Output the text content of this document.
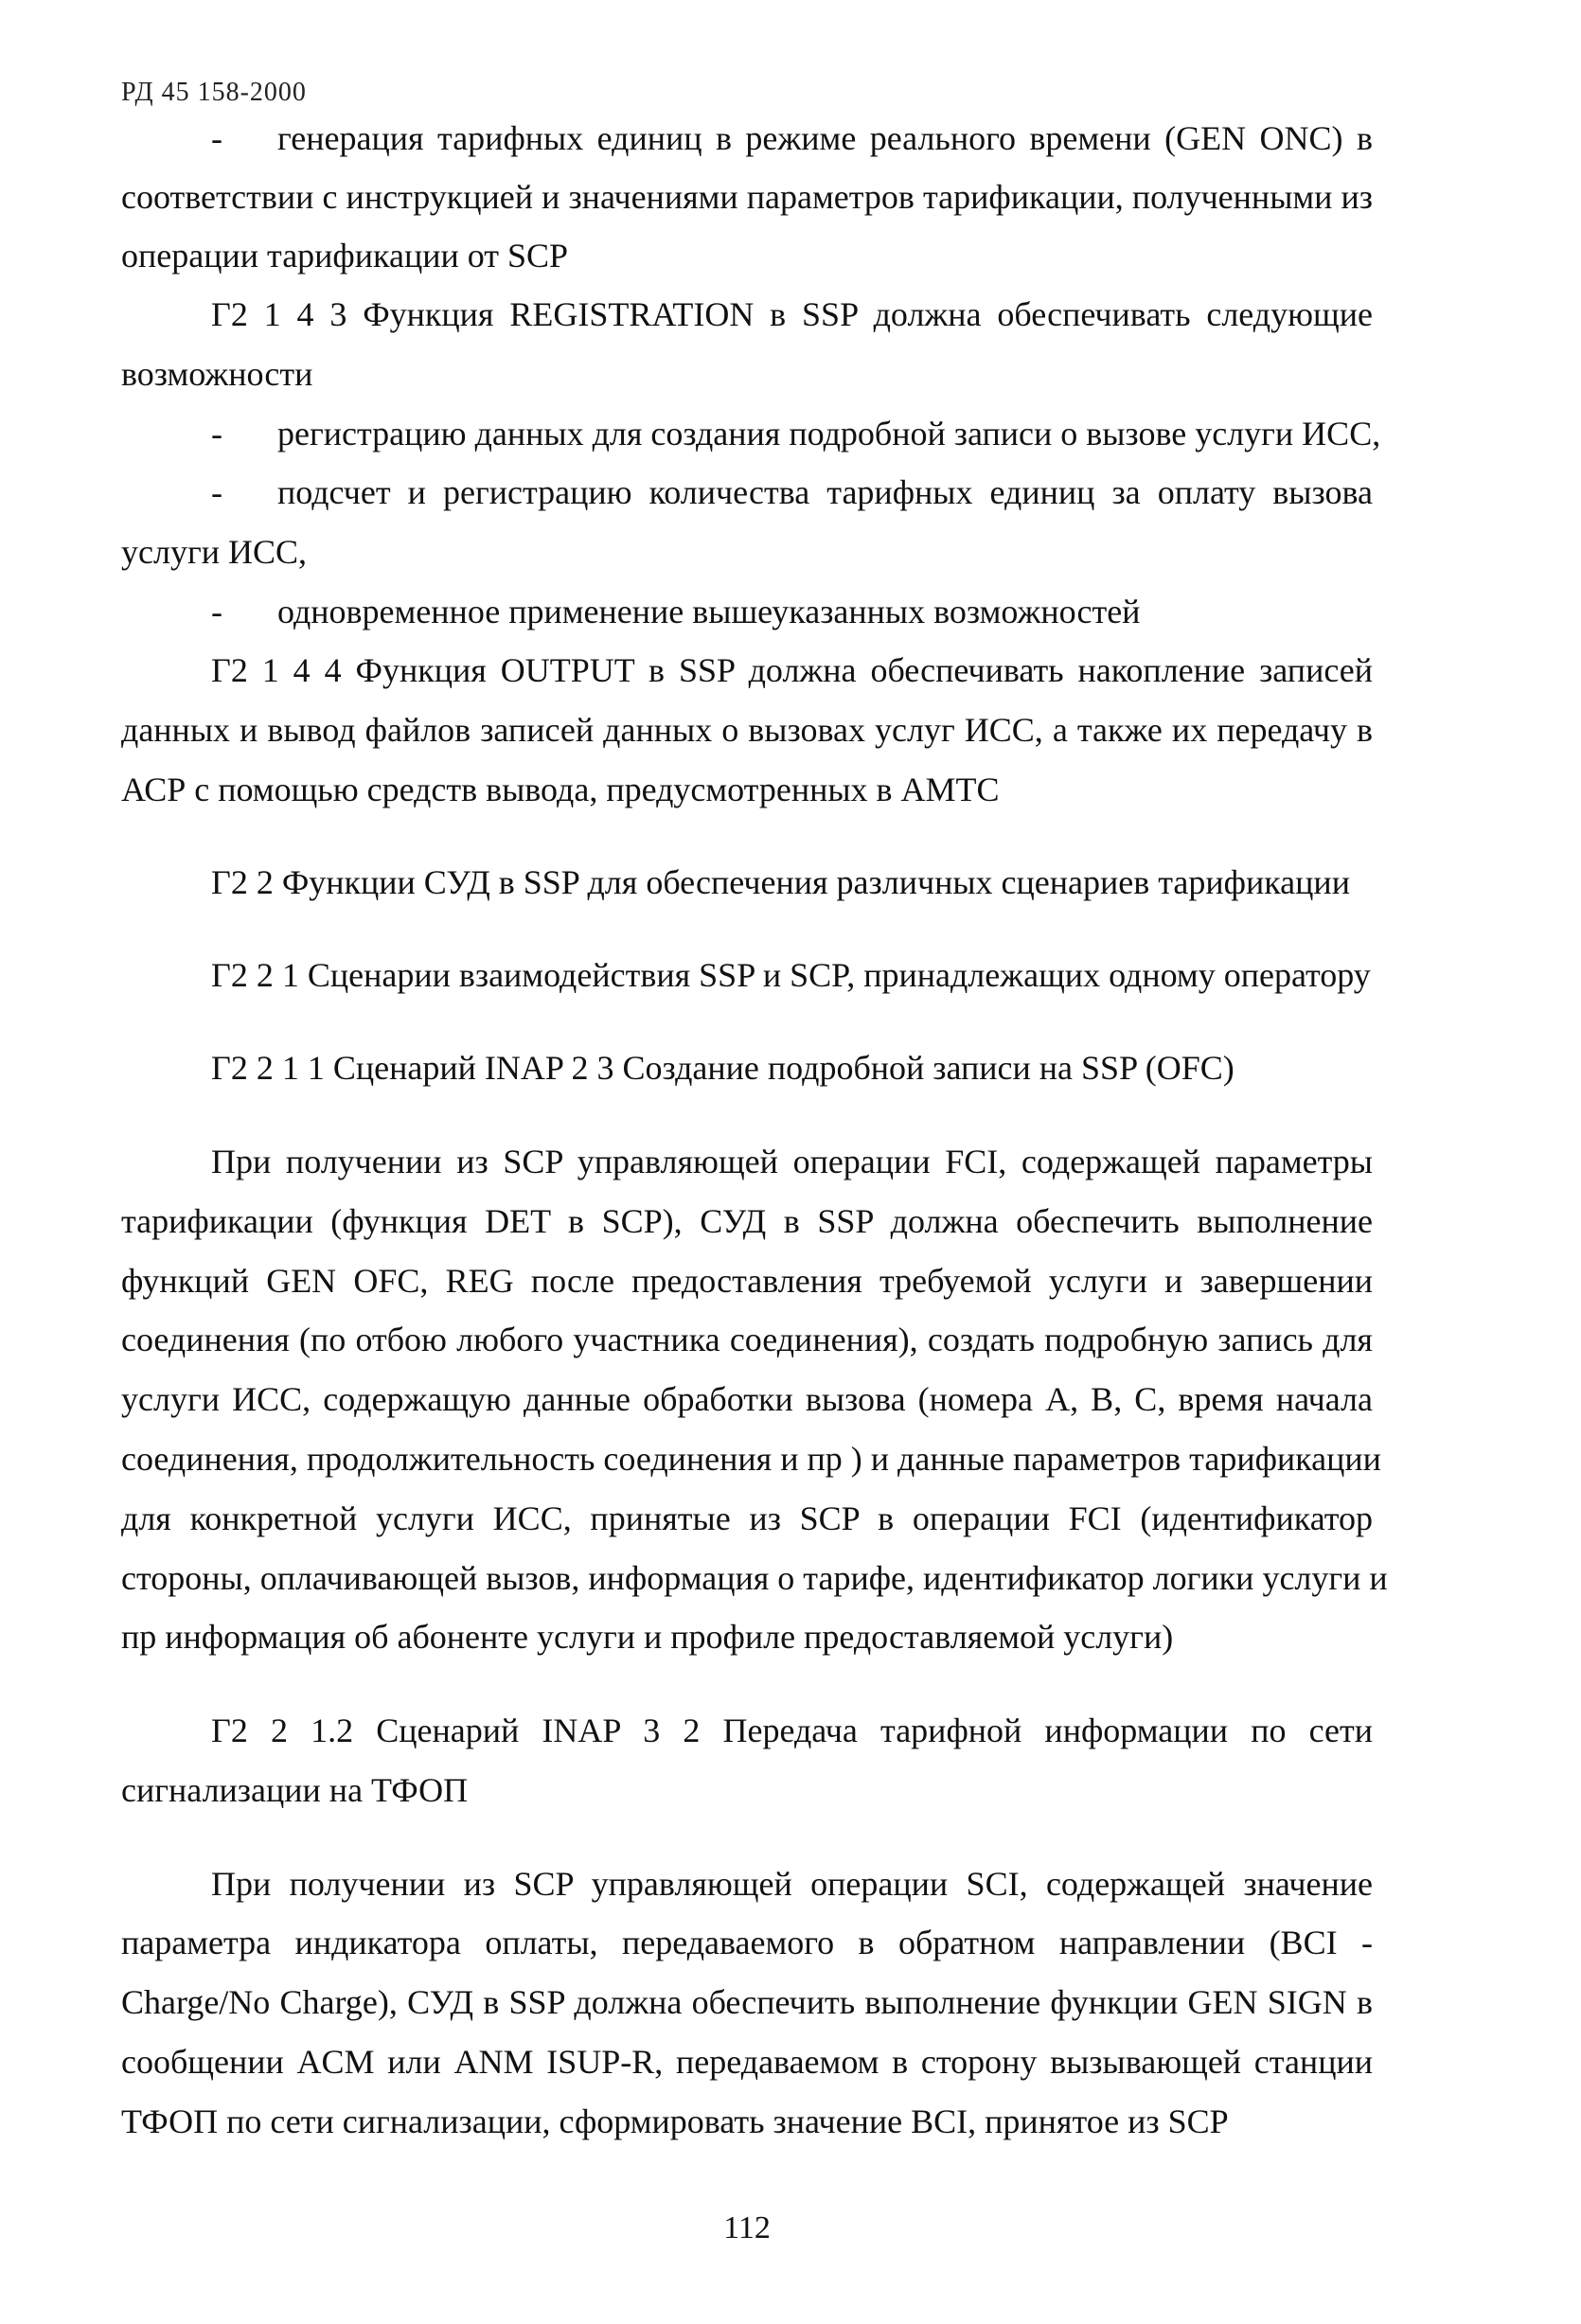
РД 45 158-2000
- генерация тарифных единиц в режиме реального времени (GEN ONC) в
соответствии с инструкцией и значениями параметров тарификации, полученными из
операции тарификации от SCP
Г2 1 4 3 Функция REGISTRATION в SSP должна обеспечивать следующие
возможности
- регистрацию данных для создания подробной записи о вызове услуги ИСС,
- подсчет и регистрацию количества тарифных единиц за оплату вызова
услуги ИСС,
- одновременное применение вышеуказанных возможностей
Г2 1 4 4 Функция OUTPUT в SSP должна обеспечивать накопление записей
данных и вывод файлов записей данных о вызовах услуг ИСС, а также их передачу в
АСР с помощью средств вывода, предусмотренных в АМТС
Г2 2 Функции СУД в SSP для обеспечения различных сценариев тарификации
Г2 2 1 Сценарии взаимодействия SSP и SCP, принадлежащих одному оператору
Г2 2 1 1 Сценарий INAP 2 3 Создание подробной записи на SSP (OFC)
При получении из SCP управляющей операции FCI, содержащей параметры
тарификации (функция DET в SCP), СУД в SSP должна обеспечить выполнение
функций GEN OFC, REG после предоставления требуемой услуги и завершении
соединения (по отбою любого участника соединения), создать подробную запись для
услуги ИСС, содержащую данные обработки вызова (номера А, В, С, время начала
соединения, продолжительность соединения и пр ) и данные параметров тарификации
для конкретной услуги ИСС, принятые из SCP в операции FCI (идентификатор
стороны, оплачивающей вызов, информация о тарифе, идентификатор логики услуги и
пр информация об абоненте услуги и профиле предоставляемой услуги)
Г2 2 1.2 Сценарий INAP 3 2 Передача тарифной информации по сети
сигнализации на ТФОП
При получении из SCP управляющей операции SCI, содержащей значение
параметра индикатора оплаты, передаваемого в обратном направлении (BCI -
Charge/No Charge), СУД в SSP должна обеспечить выполнение функции GEN SIGN в
сообщении ACM или ANM ISUP-R, передаваемом в сторону вызывающей станции
ТФОП по сети сигнализации, сформировать значение BCI, принятое из SCP
112
